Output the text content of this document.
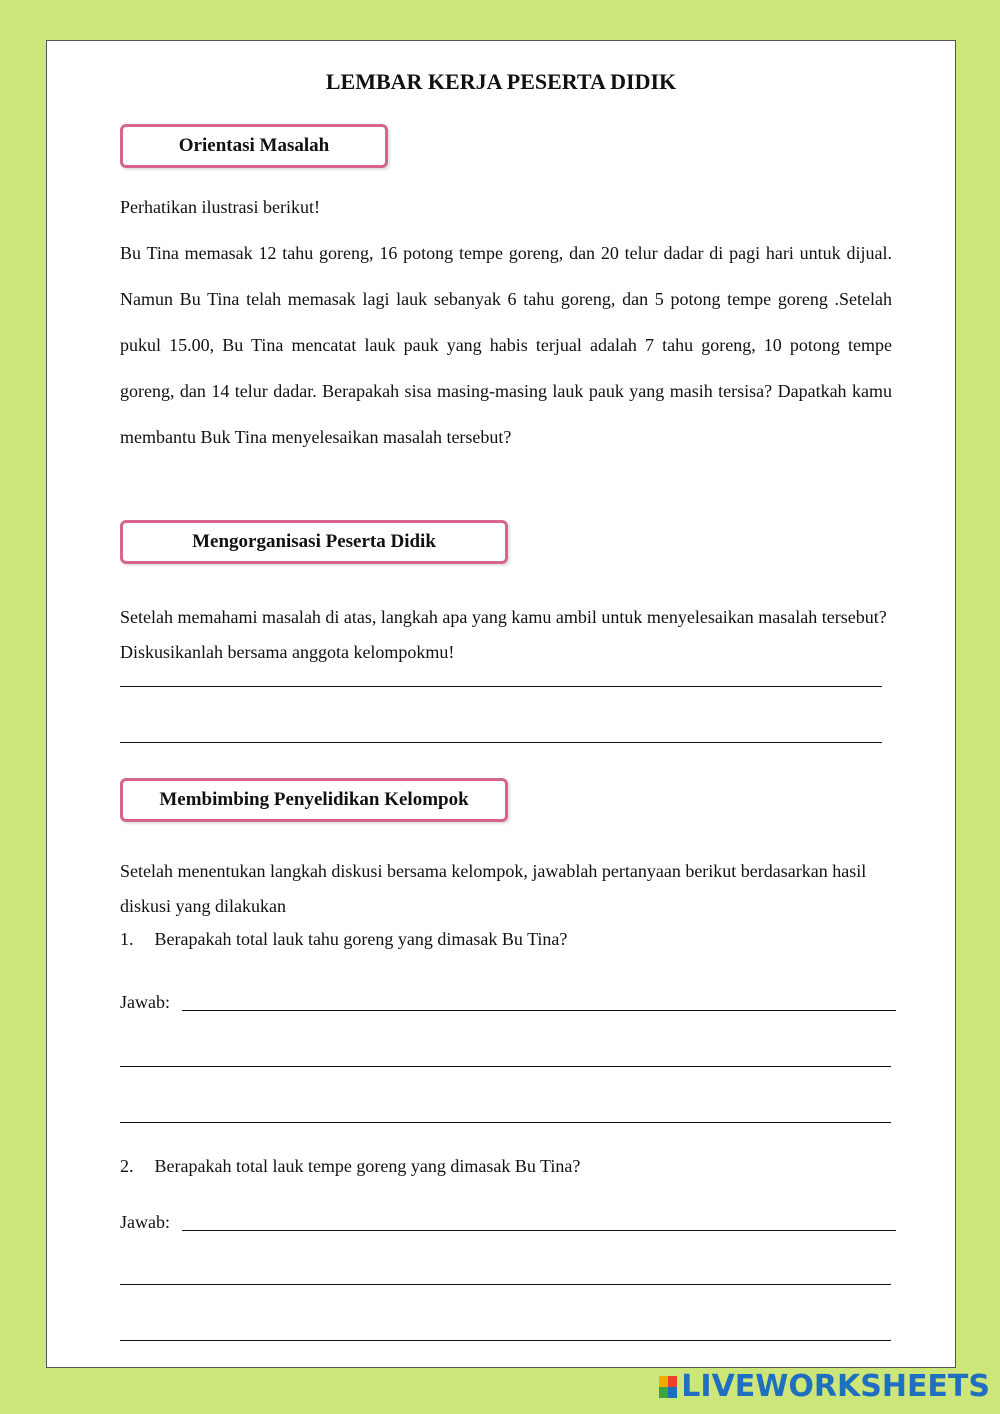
LEMBAR KERJA PESERTA DIDIK
Orientasi Masalah
Perhatikan ilustrasi berikut!
Bu Tina memasak 12 tahu goreng, 16 potong tempe goreng, dan 20 telur dadar di pagi hari untuk dijual. Namun Bu Tina telah memasak lagi lauk sebanyak 6 tahu goreng, dan 5 potong tempe goreng .Setelah pukul 15.00, Bu Tina mencatat lauk pauk yang habis terjual adalah 7 tahu goreng, 10 potong tempe goreng, dan 14 telur dadar. Berapakah sisa masing-masing lauk pauk yang masih tersisa? Dapatkah kamu membantu Buk Tina menyelesaikan masalah tersebut?
Mengorganisasi Peserta Didik
Setelah memahami masalah di atas, langkah apa yang kamu ambil untuk menyelesaikan masalah tersebut? Diskusikanlah bersama anggota kelompokmu!
Membimbing Penyelidikan Kelompok
Setelah menentukan langkah diskusi bersama kelompok, jawablah pertanyaan berikut berdasarkan hasil diskusi yang dilakukan
1. Berapakah total lauk tahu goreng yang dimasak Bu Tina?
Jawab:
2. Berapakah total lauk tempe goreng yang dimasak Bu Tina?
Jawab:
LIVEWORKSHEETS
